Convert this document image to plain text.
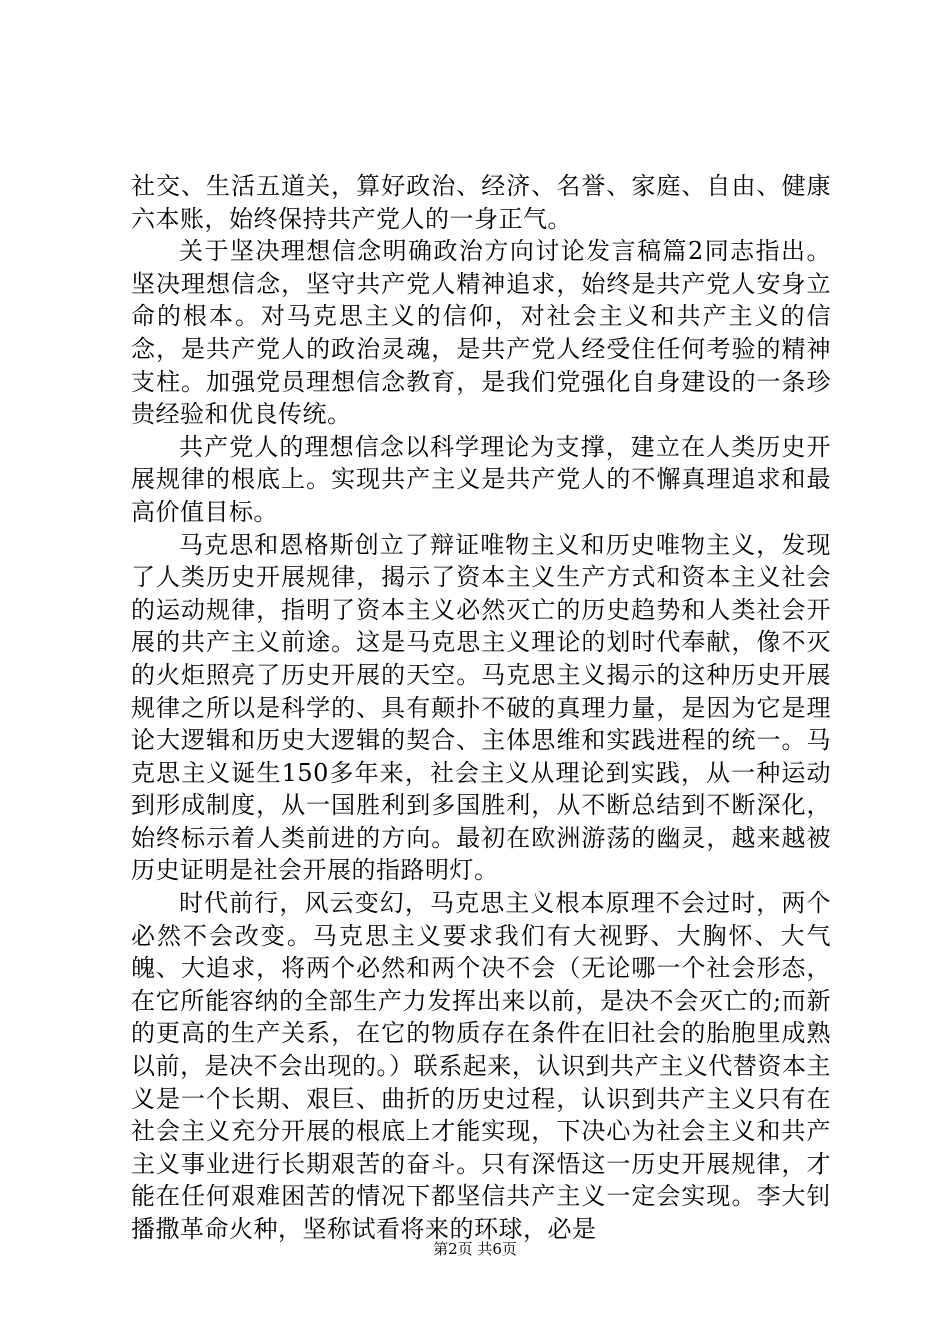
社交、生活五道关，算好政治、经济、名誉、家庭、自由、健康六本账，始终保持共产党人的一身正气。

关于坚决理想信念明确政治方向讨论发言稿篇2同志指出。坚决理想信念，坚守共产党人精神追求，始终是共产党人安身立命的根本。对马克思主义的信仰，对社会主义和共产主义的信念，是共产党人的政治灵魂，是共产党人经受住任何考验的精神支柱。加强党员理想信念教育，是我们党强化自身建设的一条珍贵经验和优良传统。

共产党人的理想信念以科学理论为支撑，建立在人类历史开展规律的根底上。实现共产主义是共产党人的不懈真理追求和最高价值目标。

马克思和恩格斯创立了辩证唯物主义和历史唯物主义，发现了人类历史开展规律，揭示了资本主义生产方式和资本主义社会的运动规律，指明了资本主义必然灭亡的历史趋势和人类社会开展的共产主义前途。这是马克思主义理论的划时代奉献，像不灭的火炬照亮了历史开展的天空。马克思主义揭示的这种历史开展规律之所以是科学的、具有颠扑不破的真理力量，是因为它是理论大逻辑和历史大逻辑的契合、主体思维和实践进程的统一。马克思主义诞生150多年来，社会主义从理论到实践，从一种运动到形成制度，从一国胜利到多国胜利，从不断总结到不断深化，始终标示着人类前进的方向。最初在欧洲游荡的幽灵，越来越被历史证明是社会开展的指路明灯。

时代前行，风云变幻，马克思主义根本原理不会过时，两个必然不会改变。马克思主义要求我们有大视野、大胸怀、大气魄、大追求，将两个必然和两个决不会（无论哪一个社会形态，在它所能容纳的全部生产力发挥出来以前，是决不会灭亡的;而新的更高的生产关系，在它的物质存在条件在旧社会的胎胞里成熟以前，是决不会出现的。）联系起来，认识到共产主义代替资本主义是一个长期、艰巨、曲折的历史过程，认识到共产主义只有在社会主义充分开展的根底上才能实现，下决心为社会主义和共产主义事业进行长期艰苦的奋斗。只有深悟这一历史开展规律，才能在任何艰难困苦的情况下都坚信共产主义一定会实现。李大钊播撒革命火种，坚称试看将来的环球，必是

第2页 共6页
